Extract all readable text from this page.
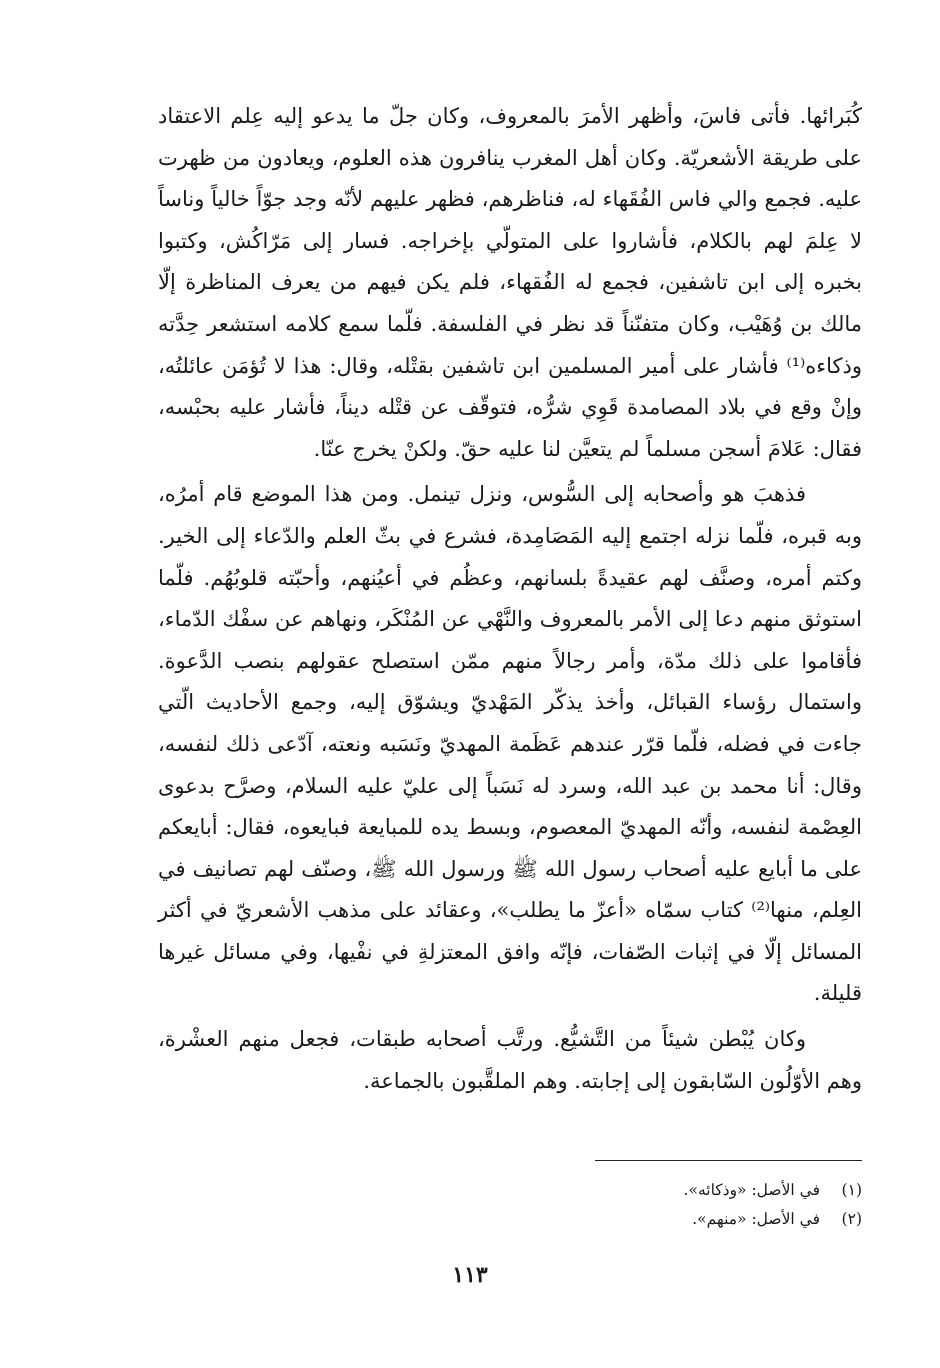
كُبَرائها. فأتى فاسَ، وأظهر الأمرَ بالمعروف، وكان جلّ ما يدعو إليه عِلم الاعتقاد على طريقة الأشعريّة. وكان أهل المغرب ينافرون هذه العلوم، ويعادون من ظهرت عليه. فجمع والي فاس الفُقَهاء له، فناظرهم، فظهر عليهم لأنّه وجد جوّاً خالياً وناساً لا عِلمَ لهم بالكلام، فأشاروا على المتولّي بإخراجه. فسار إلى مَرّاكُش، وكتبوا بخبره إلى ابن تاشفين، فجمع له الفُقهاء، فلم يكن فيهم من يعرف المناظرة إلّا مالك بن وُهَيْب، وكان متفنّناً قد نظر في الفلسفة. فلّما سمع كلامه استشعر حِدَّته وذكاءه⁽¹⁾ فأشار على أمير المسلمين ابن تاشفين بقتْله، وقال: هذا لا تُؤمَن عائلتُه، وإنْ وقع في بلاد المصامدة قَوِي شرُّه، فتوقّف عن قتْله ديناً، فأشار عليه بحبْسه، فقال: عَلامَ أسجن مسلماً لم يتعيَّن لنا عليه حقّ. ولكنْ يخرج عنّا.

فذهبَ هو وأصحابه إلى السُّوس، ونزل تينمل. ومن هذا الموضع قام أمرُه، وبه قبره، فلّما نزله اجتمع إليه المَصَامِدة، فشرع في بثّ العلم والدّعاء إلى الخير. وكتم أمره، وصنَّف لهم عقيدةً بلسانهم، وعظُم في أعيُنهم، وأحبّته قلوبُهُم. فلّما استوثق منهم دعا إلى الأمر بالمعروف والنَّهْي عن المُنْكَر، ونهاهم عن سفْك الدّماء، فأقاموا على ذلك مدّة، وأمر رجالاً منهم ممّن استصلح عقولهم بنصب الدَّعوة. واستمال رؤساء القبائل، وأخذ يذكّر المَهْديّ ويشوّق إليه، وجمع الأحاديث الّتي جاءت في فضله، فلّما قرّر عندهم عَظَمة المهديّ ونَسَبه ونعته، آدّعى ذلك لنفسه، وقال: أنا محمد بن عبد الله، وسرد له نَسَباً إلى عليّ عليه السلام، وصرَّح بدعوى العِصْمة لنفسه، وأنّه المهديّ المعصوم، وبسط يده للمبايعة فبايعوه، فقال: أبايعكم على ما أبايع عليه أصحاب رسول الله ﷺ ورسول الله ﷺ، وصنّف لهم تصانيف في العِلم، منها⁽²⁾ كتاب سمّاه «أعزّ ما يطلب»، وعقائد على مذهب الأشعريّ في أكثر المسائل إلّا في إثبات الصّفات، فإنّه وافق المعتزلةِ في نفْيها، وفي مسائل غيرها قليلة.

وكان يُبْطن شيئاً من التَّشيُّع. ورتَّب أصحابه طبقات، فجعل منهم العشْرة، وهم الأوّلُون السّابقون إلى إجابته. وهم الملقَّبون بالجماعة.

(١)
في الأصل: «وذكائه».
(٢)
في الأصل: «منهم».
١١٣
